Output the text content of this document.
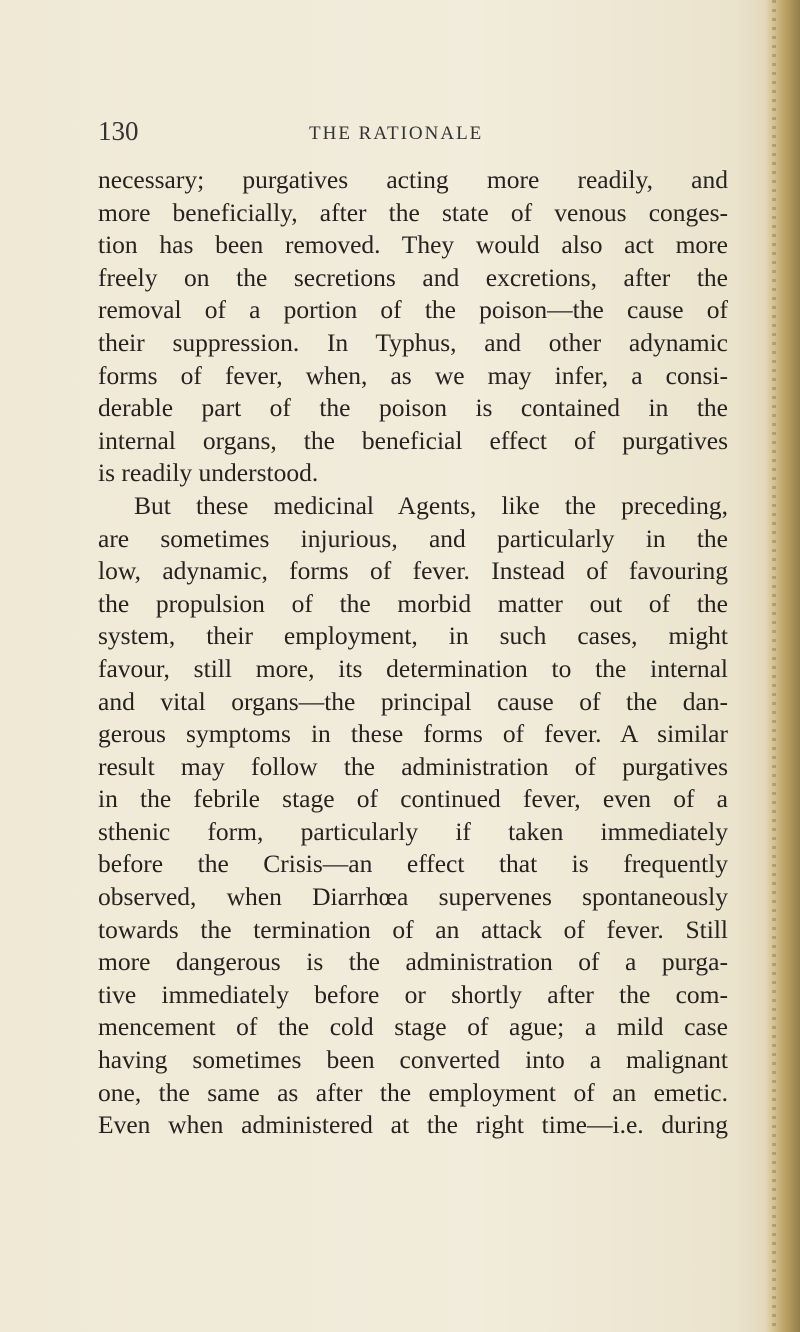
130	THE RATIONALE
necessary; purgatives acting more readily, and
more beneficially, after the state of venous conges-
tion has been removed. They would also act more
freely on the secretions and excretions, after the
removal of a portion of the poison—the cause of
their suppression. In Typhus, and other adynamic
forms of fever, when, as we may infer, a consi-
derable part of the poison is contained in the
internal organs, the beneficial effect of purgatives
is readily understood.
But these medicinal Agents, like the preceding,
are sometimes injurious, and particularly in the
low, adynamic, forms of fever. Instead of favouring
the propulsion of the morbid matter out of the
system, their employment, in such cases, might
favour, still more, its determination to the internal
and vital organs—the principal cause of the dan-
gerous symptoms in these forms of fever. A similar
result may follow the administration of purgatives
in the febrile stage of continued fever, even of a
sthenic form, particularly if taken immediately
before the Crisis—an effect that is frequently
observed, when Diarrhœa supervenes spontaneously
towards the termination of an attack of fever. Still
more dangerous is the administration of a purga-
tive immediately before or shortly after the com-
mencement of the cold stage of ague; a mild case
having sometimes been converted into a malignant
one, the same as after the employment of an emetic.
Even when administered at the right time—i.e. during
